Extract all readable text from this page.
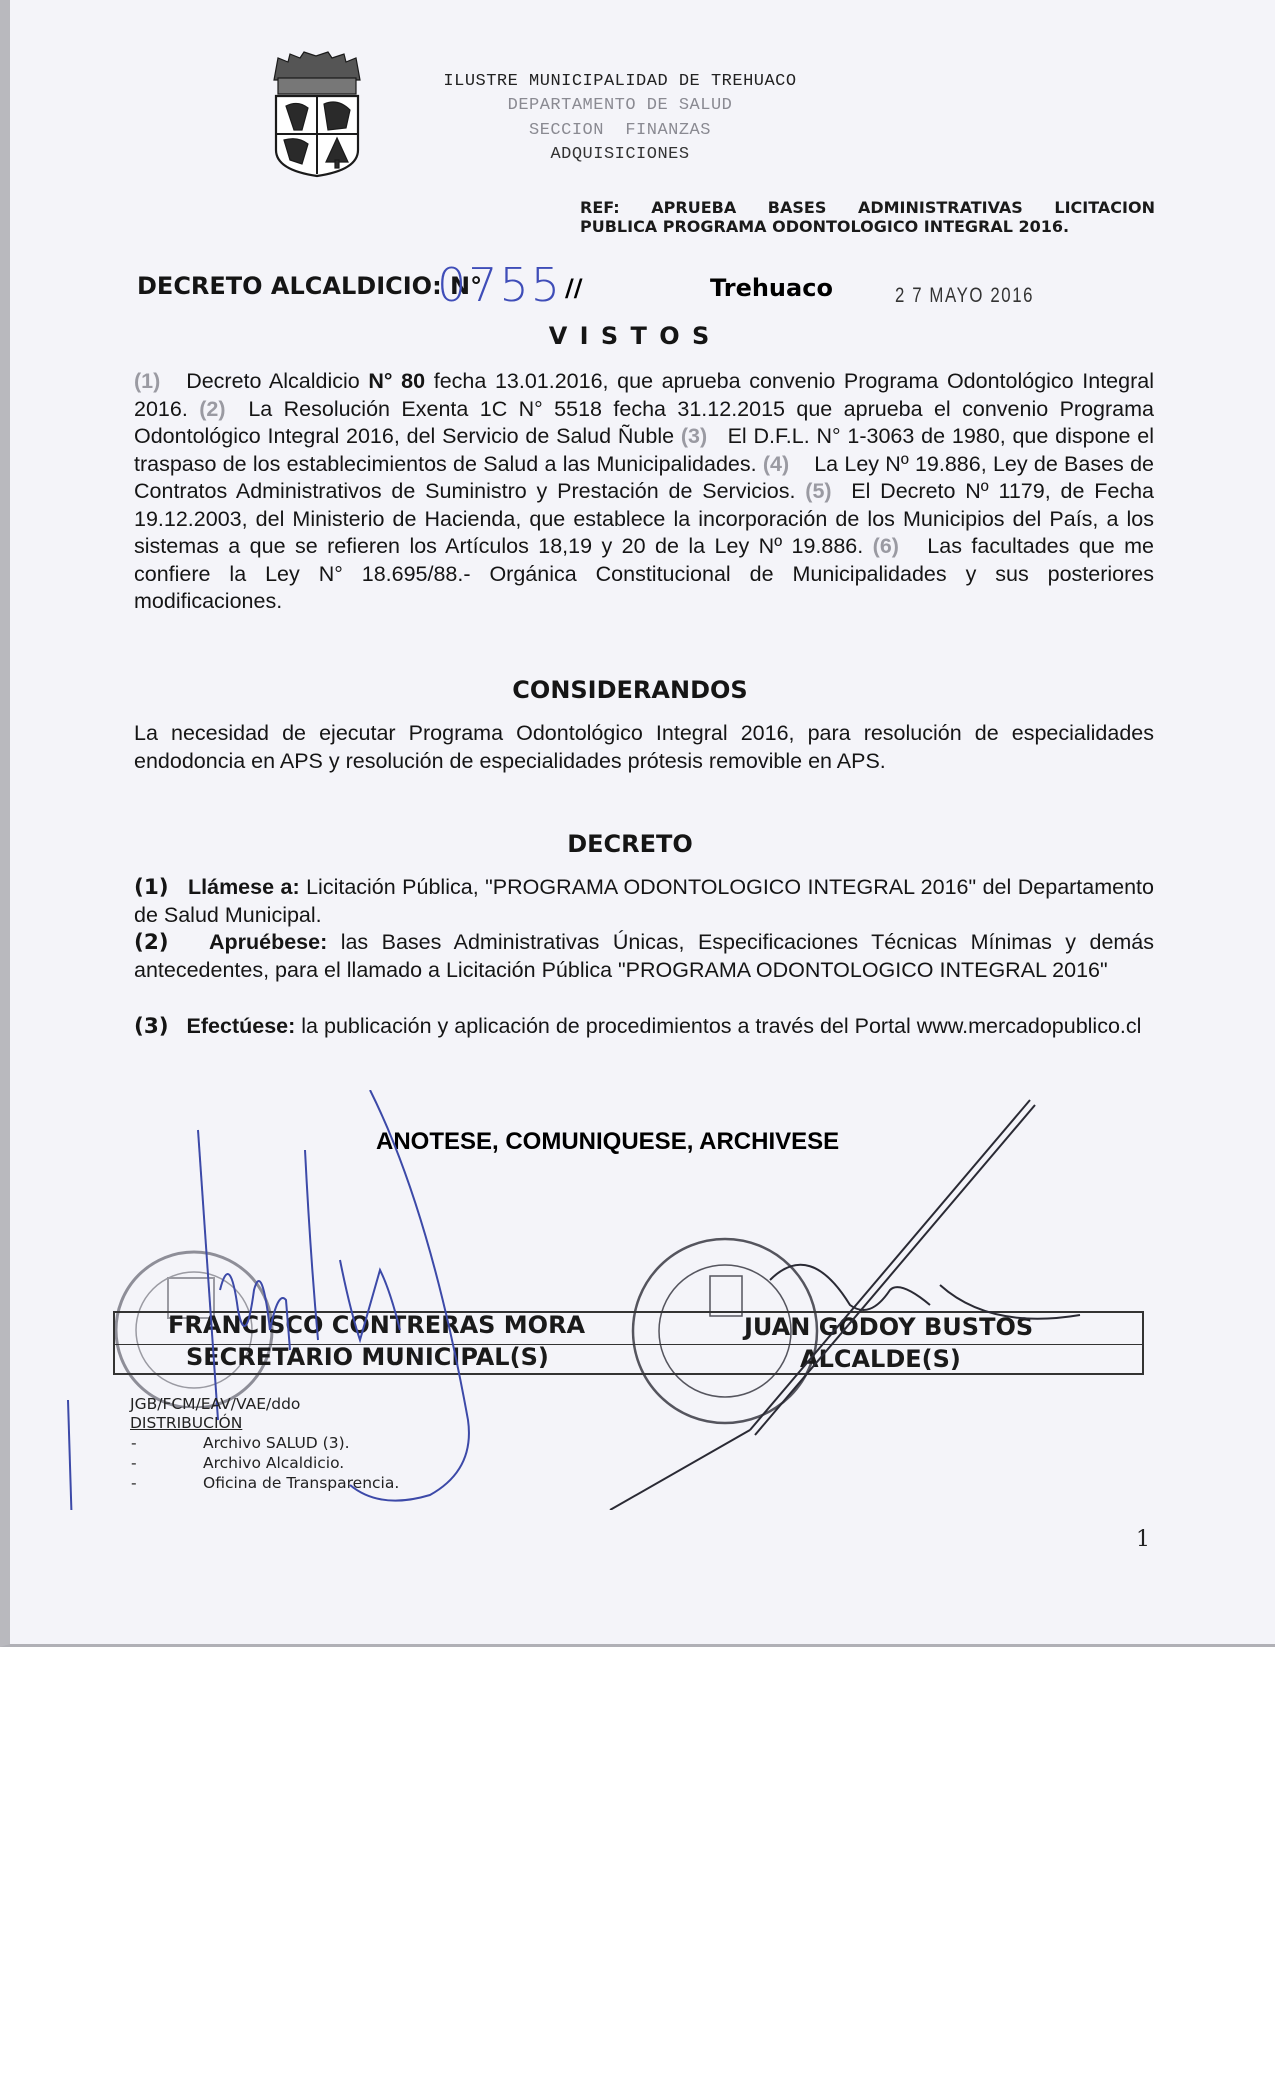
ILUSTRE MUNICIPALIDAD DE TREHUACO
DEPARTAMENTO DE SALUD
SECCION  FINANZAS
ADQUISICIONES
REF: APRUEBA BASES ADMINISTRATIVAS LICITACION
PUBLICA PROGRAMA ODONTOLOGICO INTEGRAL 2016.
DECRETO ALCALDICIO: N°
0755 //	Trehuaco	2 7 MAYO 2016
V I S T O S
(1) Decreto Alcaldicio N° 80 fecha 13.01.2016, que aprueba convenio Programa Odontológico Integral 2016. (2) La Resolución Exenta 1C N° 5518 fecha 31.12.2015 que aprueba el convenio Programa Odontológico Integral 2016, del Servicio de Salud Ñuble (3) El D.F.L. N° 1-3063 de 1980, que dispone el traspaso de los establecimientos de Salud a las Municipalidades. (4) La Ley Nº 19.886, Ley de Bases de Contratos Administrativos de Suministro y Prestación de Servicios. (5) El Decreto Nº 1179, de Fecha 19.12.2003, del Ministerio de Hacienda, que establece la incorporación de los Municipios del País, a los sistemas a que se refieren los Artículos 18,19 y 20 de la Ley Nº 19.886. (6) Las facultades que me confiere la Ley N° 18.695/88.- Orgánica Constitucional de Municipalidades y sus posteriores modificaciones.
CONSIDERANDOS
La necesidad de ejecutar Programa Odontológico Integral 2016, para resolución de especialidades endodoncia en APS y resolución de especialidades prótesis removible en APS.
DECRETO
(1) Llámese a: Licitación Pública, "PROGRAMA ODONTOLOGICO INTEGRAL 2016" del Departamento de Salud Municipal.
(2) Apruébese: las Bases Administrativas Únicas, Especificaciones Técnicas Mínimas y demás antecedentes, para el llamado a Licitación Pública "PROGRAMA ODONTOLOGICO INTEGRAL 2016"
(3) Efectúese: la publicación y aplicación de procedimientos a través del Portal www.mercadopublico.cl
ANOTESE, COMUNIQUESE, ARCHIVESE
FRANCISCO CONTRERAS MORA
SECRETARIO MUNICIPAL(S)
JUAN GODOY BUSTOS
ALCALDE(S)
JGB/FCM/EAV/VAE/ddo
DISTRIBUCIÓN
-	Archivo SALUD (3).
-	Archivo Alcaldicio.
-	Oficina de Transparencia.
1
